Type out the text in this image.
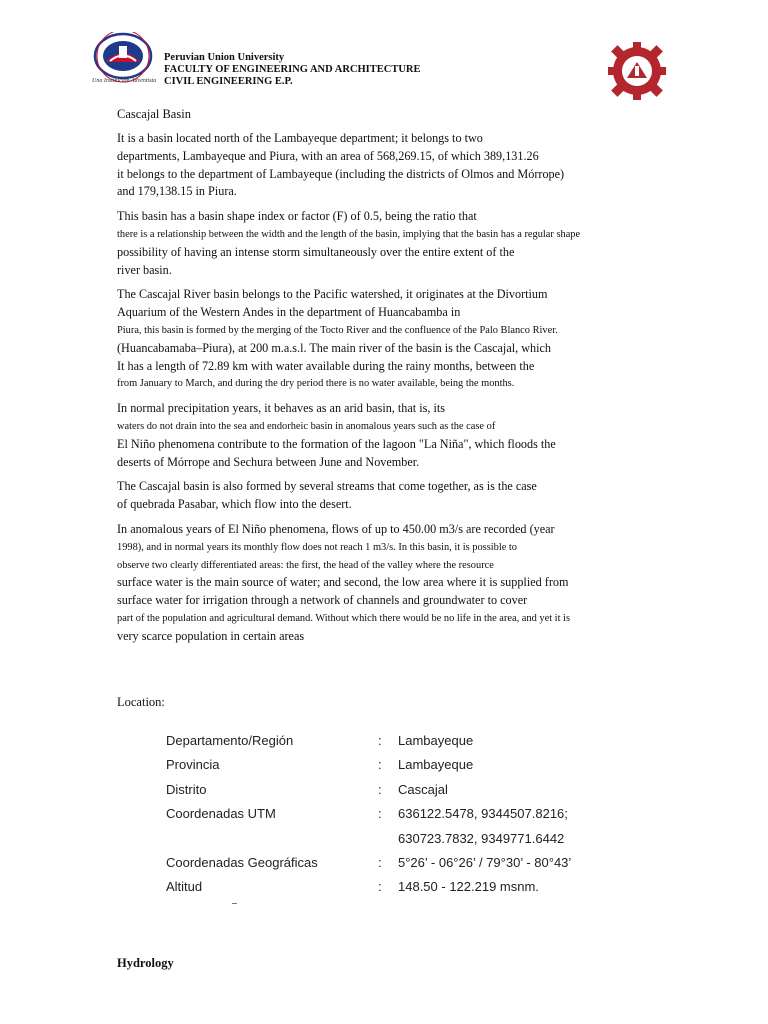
Una Institución Adventista
Peruvian Union University
FACULTY OF ENGINEERING AND ARCHITECTURE
CIVIL ENGINEERING E.P.
Cascajal Basin
It is a basin located north of the Lambayeque department; it belongs to two
departments, Lambayeque and Piura, with an area of 568,269.15, of which 389,131.26
it belongs to the department of Lambayeque (including the districts of Olmos and Mórrope)
and 179,138.15 in Piura.
This basin has a basin shape index or factor (F) of 0.5, being the ratio that
there is a relationship between the width and the length of the basin, implying that the basin has a regular shape
possibility of having an intense storm simultaneously over the entire extent of the
river basin.
The Cascajal River basin belongs to the Pacific watershed, it originates at the Divortium
Aquarium of the Western Andes in the department of Huancabamba in
Piura, this basin is formed by the merging of the Tocto River and the confluence of the Palo Blanco River.
(Huancabamaba–Piura), at 200 m.a.s.l. The main river of the basin is the Cascajal, which
It has a length of 72.89 km with water available during the rainy months, between the
from January to March, and during the dry period there is no water available, being the months.
In normal precipitation years, it behaves as an arid basin, that is, its
waters do not drain into the sea and endorheic basin in anomalous years such as the case of
El Niño phenomena contribute to the formation of the lagoon "La Niña", which floods the
deserts of Mórrope and Sechura between June and November.
The Cascajal basin is also formed by several streams that come together, as is the case
of quebrada Pasabar, which flow into the desert.
In anomalous years of El Niño phenomena, flows of up to 450.00 m3/s are recorded (year
1998), and in normal years its monthly flow does not reach 1 m3/s. In this basin, it is possible to
observe two clearly differentiated areas: the first, the head of the valley where the resource
surface water is the main source of water; and second, the low area where it is supplied from
surface water for irrigation through a network of channels and groundwater to cover
part of the population and agricultural demand. Without which there would be no life in the area, and yet it is
very scarce population in certain areas
Location:
Departamento/Región	: Lambayeque
Provincia	: Lambayeque
Distrito	: Cascajal
Coordenadas UTM	: 636122.5478, 9344507.8216;
630723.7832, 9349771.6442
Coordenadas Geográficas	: 5°26’ - 06°26’ / 79°30’ - 80°43’
Altitud	: 148.50 - 122.219 msnm.
Hydrology
